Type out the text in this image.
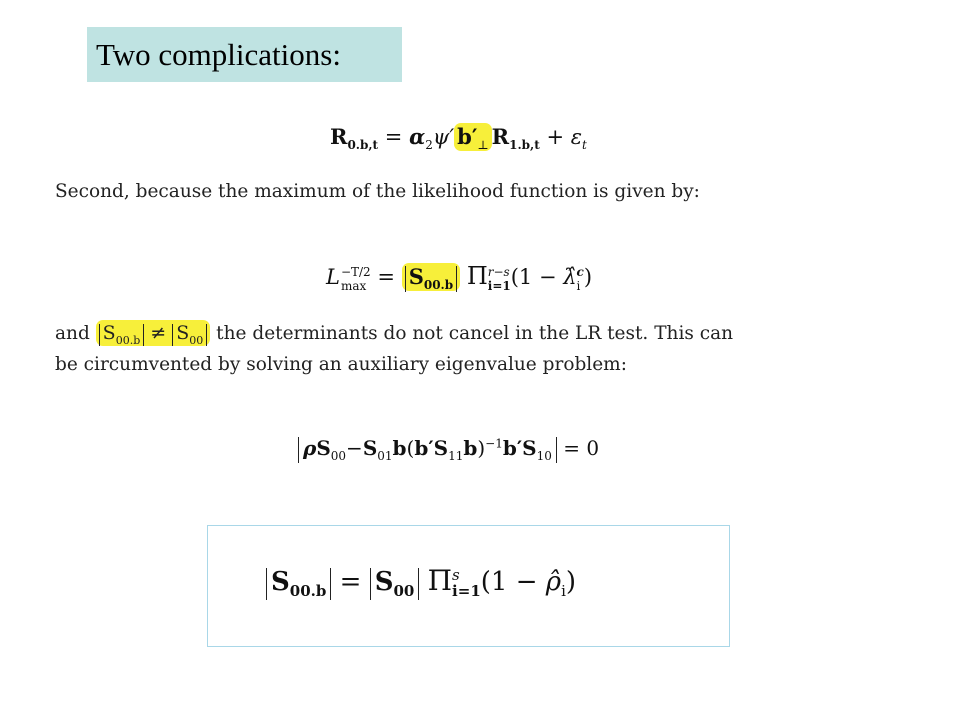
Two complications:
$R_{0.b,t} = \alpha_2\psi'$ $b'_\perp$ $R_{1.b,t} + \varepsilon_t$
Second, because the maximum of the likelihood function is given by:
L −T/2
$\max = S_{00.b}$ Π r−s
i=1 (1 − λ̂ c
i )
and $S_{00.b} \ne S_{00}$ the determinants do not cancel in the LR test. This can
be circumvented by solving an auxiliary eigenvalue problem:
$\rho S_{00}-S_{01}b(b'S_{11}b)^{-1}b'S_{10} = 0$
$S_{00.b} = S_{00}$ Π s
i=1 $(1 - \rhô_i)$
